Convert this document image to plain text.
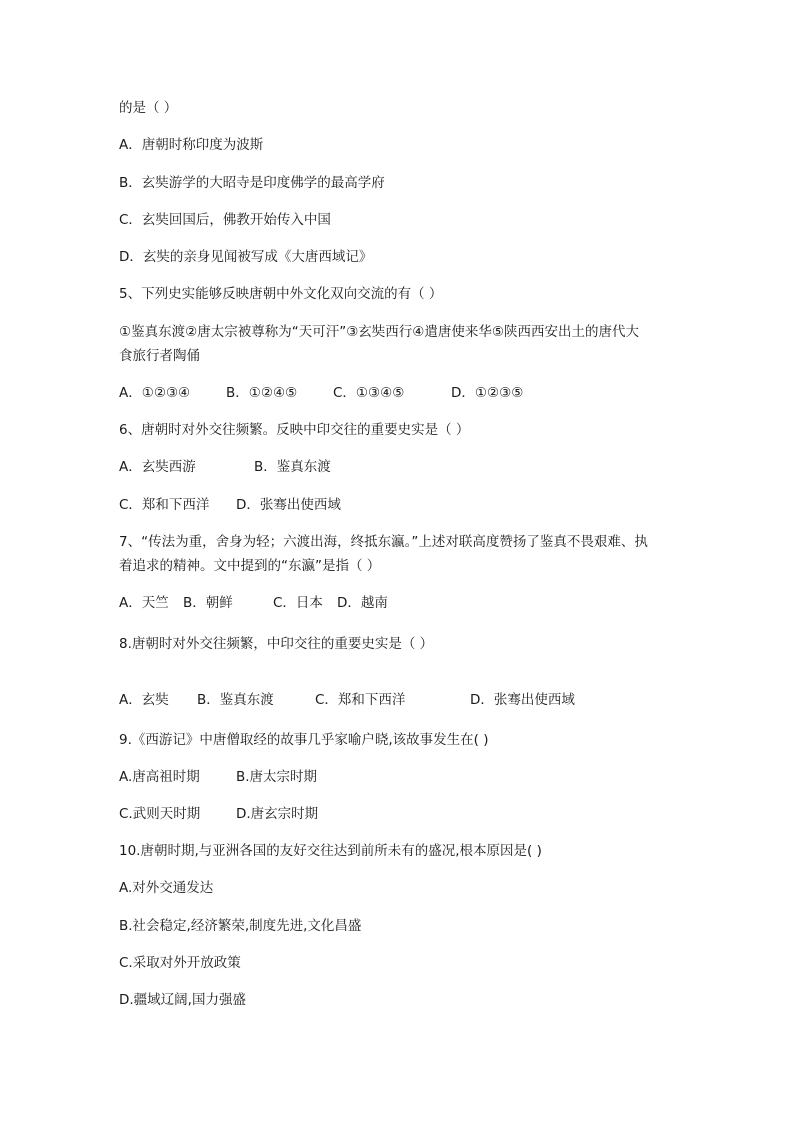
的是（ ）
A．唐朝时称印度为波斯
B．玄奘游学的大昭寺是印度佛学的最高学府
C．玄奘回国后，佛教开始传入中国
D．玄奘的亲身见闻被写成《大唐西域记》
5、下列史实能够反映唐朝中外文化双向交流的有（ ）
①鉴真东渡②唐太宗被尊称为“天可汗”③玄奘西行④遣唐使来华⑤陕西西安出土的唐代大
食旅行者陶俑
A．①②③④	B．①②④⑤	C．①③④⑤	D．①②③⑤
6、唐朝时对外交往频繁。反映中印交往的重要史实是（ ）
A．玄奘西游	B．鉴真东渡
C．郑和下西洋 D．张骞出使西域
7、“传法为重，舍身为轻；六渡出海，终抵东瀛。”上述对联高度赞扬了鉴真不畏艰难、执
着追求的精神。文中提到的“东瀛”是指（ ）
A．天竺 B．朝鲜	C．日本 D．越南
8.唐朝时对外交往频繁，中印交往的重要史实是（ ）
A．玄奘 B．鉴真东渡	C．郑和下西洋	D．张骞出使西域
9.《西游记》中唐僧取经的故事几乎家喻户晓,该故事发生在( )
A.唐高祖时期	B.唐太宗时期
C.武则天时期	D.唐玄宗时期
10.唐朝时期,与亚洲各国的友好交往达到前所未有的盛况,根本原因是( )
A.对外交通发达
B.社会稳定,经济繁荣,制度先进,文化昌盛
C.采取对外开放政策
D.疆域辽阔,国力强盛
